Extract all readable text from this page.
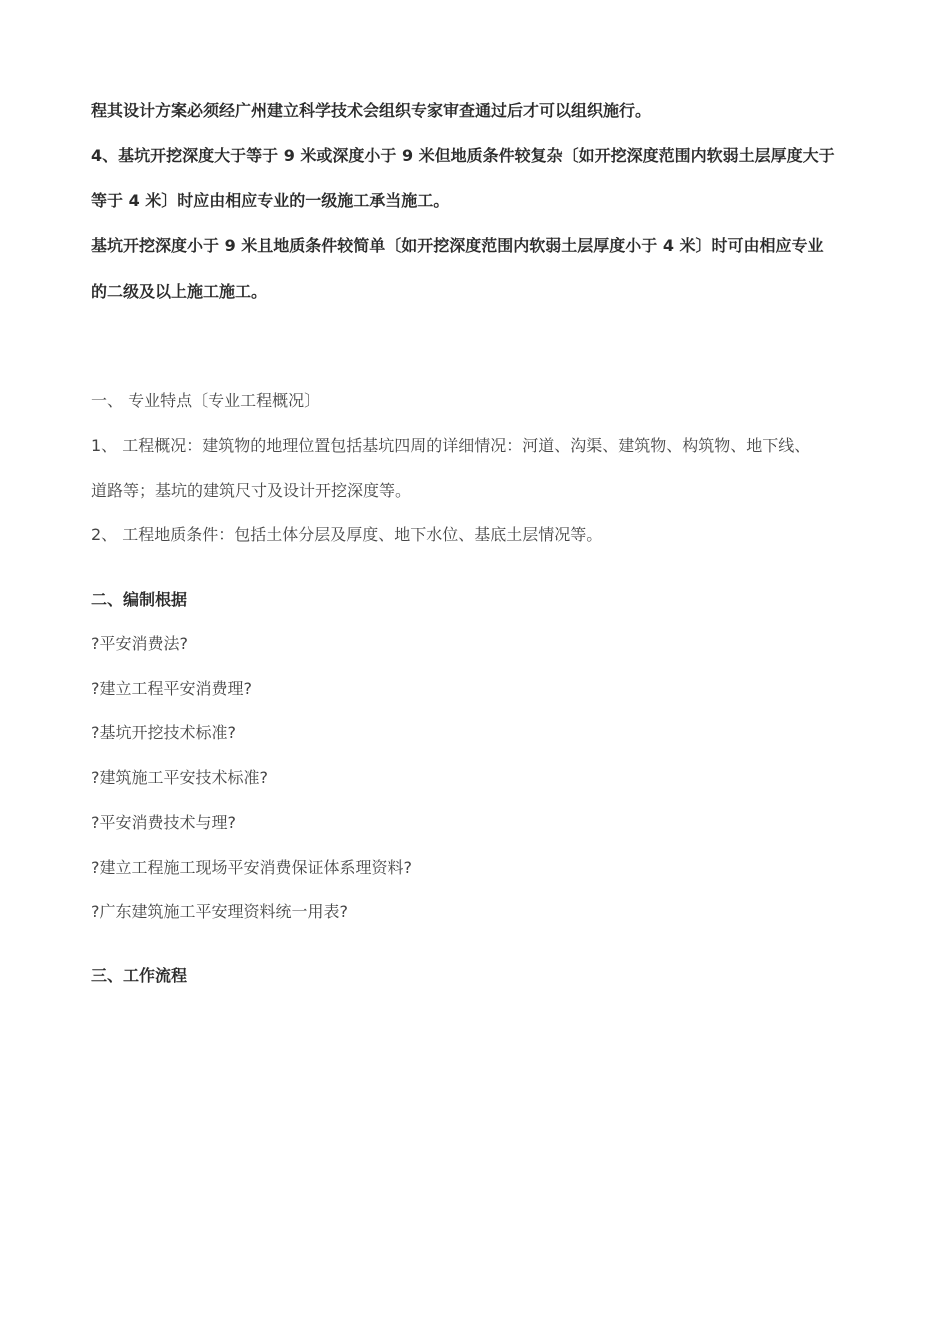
程其设计方案必须经广州建立科学技术会组织专家审查通过后才可以组织施行。
4、基坑开挖深度大于等于 9 米或深度小于 9 米但地质条件较复杂〔如开挖深度范围内软弱土层厚度大于
等于 4 米〕时应由相应专业的一级施工承当施工。
基坑开挖深度小于 9 米且地质条件较简单〔如开挖深度范围内软弱土层厚度小于 4 米〕时可由相应专业
的二级及以上施工施工。
一、 专业特点〔专业工程概况〕
1、 工程概况：建筑物的地理位置包括基坑四周的详细情况：河道、沟渠、建筑物、构筑物、地下线、
道路等；基坑的建筑尺寸及设计开挖深度等。
2、 工程地质条件：包括土体分层及厚度、地下水位、基底土层情况等。
二、编制根据
?平安消费法?
?建立工程平安消费理?
?基坑开挖技术标准?
?建筑施工平安技术标准?
?平安消费技术与理?
?建立工程施工现场平安消费保证体系理资料?
?广东建筑施工平安理资料统一用表?
三、工作流程
